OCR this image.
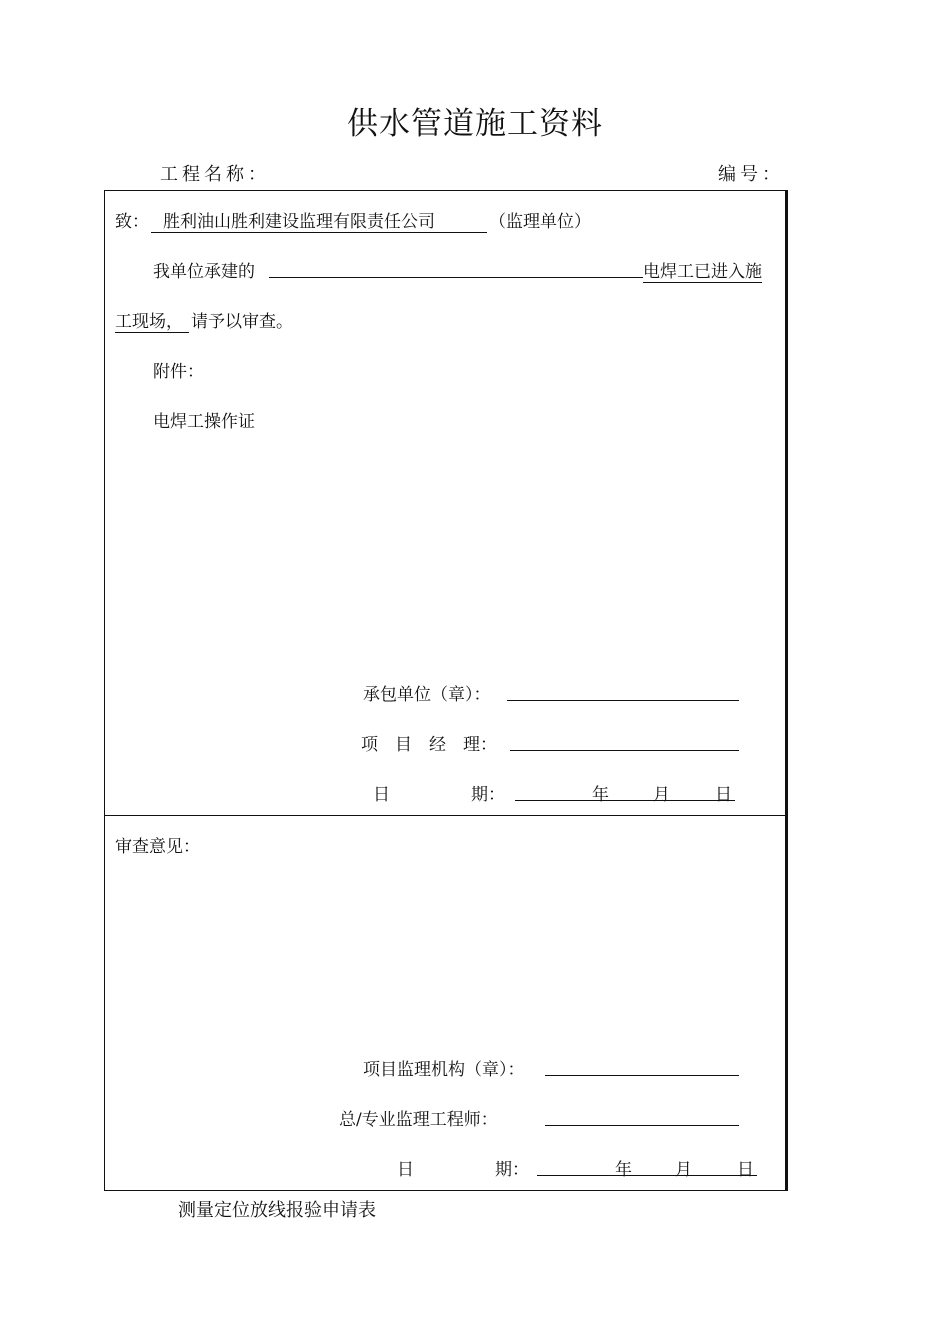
供水管道施工资料
工程名称：	编号：
致： 胜利油山胜利建设监理有限责任公司	（监理单位）
我单位承建的	电焊工已进入施
工现场， 请予以审查。
附件：
电焊工操作证
承包单位（章）：
项　目　经　理：
日	期：	年	月	日
审查意见：
项目监理机构（章）：
总/专业监理工程师：
日	期：	年	月	日
测量定位放线报验申请表
